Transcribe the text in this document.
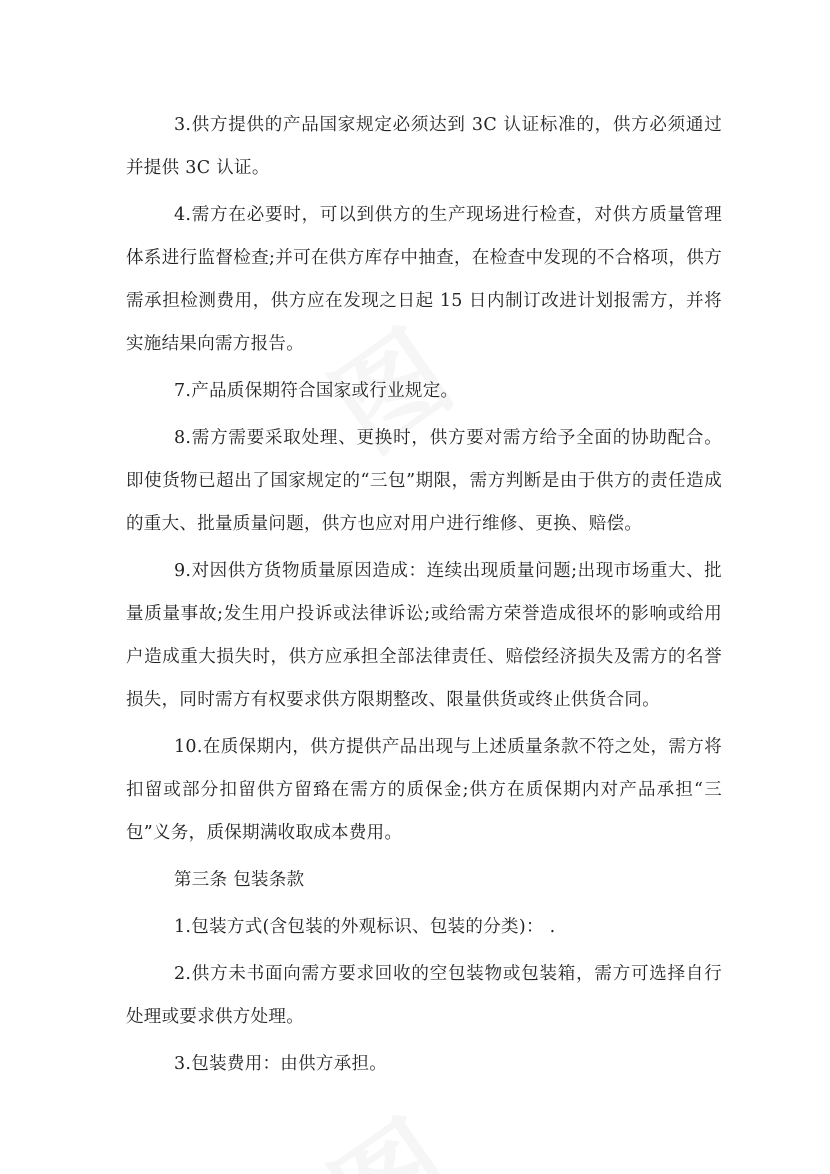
3.供方提供的产品国家规定必须达到 3C 认证标准的，供方必须通过并提供 3C 认证。

4.需方在必要时，可以到供方的生产现场进行检查，对供方质量管理体系进行监督检查;并可在供方库存中抽查，在检查中发现的不合格项，供方需承担检测费用，供方应在发现之日起 15 日内制订改进计划报需方，并将实施结果向需方报告。

7.产品质保期符合国家或行业规定。

8.需方需要采取处理、更换时，供方要对需方给予全面的协助配合。即使货物已超出了国家规定的“三包”期限，需方判断是由于供方的责任造成的重大、批量质量问题，供方也应对用户进行维修、更换、赔偿。

9.对因供方货物质量原因造成：连续出现质量问题;出现市场重大、批量质量事故;发生用户投诉或法律诉讼;或给需方荣誉造成很坏的影响或给用户造成重大损失时，供方应承担全部法律责任、赔偿经济损失及需方的名誉损失，同时需方有权要求供方限期整改、限量供货或终止供货合同。

10.在质保期内，供方提供产品出现与上述质量条款不符之处，需方将扣留或部分扣留供方留臵在需方的质保金;供方在质保期内对产品承担“三包”义务，质保期满收取成本费用。

第三条 包装条款

1.包装方式(含包装的外观标识、包装的分类)： .

2.供方未书面向需方要求回收的空包装物或包装箱，需方可选择自行处理或要求供方处理。

3.包装费用：由供方承担。
